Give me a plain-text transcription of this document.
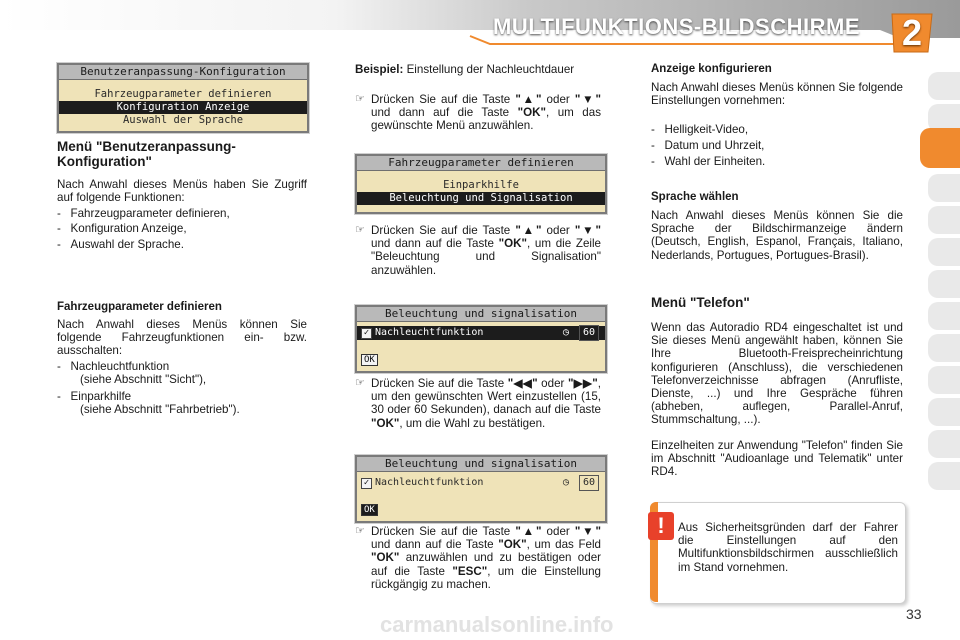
MULTIFUNKTIONS-BILDSCHIRME	2
Benutzeranpassung-Konfiguration
Fahrzeugparameter definieren
Konfiguration Anzeige
Auswahl der Sprache
Menü "Benutzeranpassung-Konfiguration"
Nach Anwahl dieses Menüs haben Sie Zugriff auf folgende Funktionen:
-   Fahrzeugparameter definieren,
-   Konfiguration Anzeige,
-   Auswahl der Sprache.
Fahrzeugparameter definieren
Nach Anwahl dieses Menüs können Sie folgende Fahrzeugfunktionen ein- bzw. ausschalten:
-   Nachleuchtfunktion
(siehe Abschnitt "Sicht"),
-   Einparkhilfe
(siehe Abschnitt "Fahrbetrieb").
Beispiel: Einstellung der Nachleuchtdauer
☞ Drücken Sie auf die Taste "▲" oder "▼" und dann auf die Taste "OK", um das gewünschte Menü anzuwählen.
Fahrzeugparameter definieren
Einparkhilfe
Beleuchtung und Signalisation
☞ Drücken Sie auf die Taste "▲" oder "▼" und dann auf die Taste "OK", um die Zeile "Beleuchtung und Signalisation" anzuwählen.
Beleuchtung und signalisation
✓ Nachleuchtfunktion	◷	60
OK
☞ Drücken Sie auf die Taste "◀◀" oder "▶▶", um den gewünschten Wert einzustellen (15, 30 oder 60 Sekunden), danach auf die Taste "OK", um die Wahl zu bestätigen.
Beleuchtung und signalisation
✓ Nachleuchtfunktion	◷	60
OK
☞ Drücken Sie auf die Taste "▲" oder "▼" und dann auf die Taste "OK", um das Feld "OK" anzuwählen und zu bestätigen oder auf die Taste "ESC", um die Einstellung rückgängig zu machen.
Anzeige konfigurieren
Nach Anwahl dieses Menüs können Sie folgende Einstellungen vornehmen:
-   Helligkeit-Video,
-   Datum und Uhrzeit,
-   Wahl der Einheiten.
Sprache wählen
Nach Anwahl dieses Menüs können Sie die Sprache der Bildschirmanzeige ändern (Deutsch, English, Espanol, Français, Italiano, Nederlands, Portugues, Portugues-Brasil).
Menü "Telefon"
Wenn das Autoradio RD4 eingeschaltet ist und Sie dieses Menü angewählt haben, können Sie Ihre Bluetooth-Freisprecheinrichtung konfigurieren (Anschluss), die verschiedenen Telefonverzeichnisse abfragen (Anrufliste, Dienste, ...) und Ihre Gespräche führen (abheben, auflegen, Parallel-Anruf, Stummschaltung, ...).
Einzelheiten zur Anwendung "Telefon" finden Sie im Abschnitt "Audioanlage und Telematik" unter RD4.
!	Aus Sicherheitsgründen darf der Fahrer die Einstellungen auf den Multifunktionsbildschirmen ausschließlich im Stand vornehmen.
carmanualsonline.info	33
